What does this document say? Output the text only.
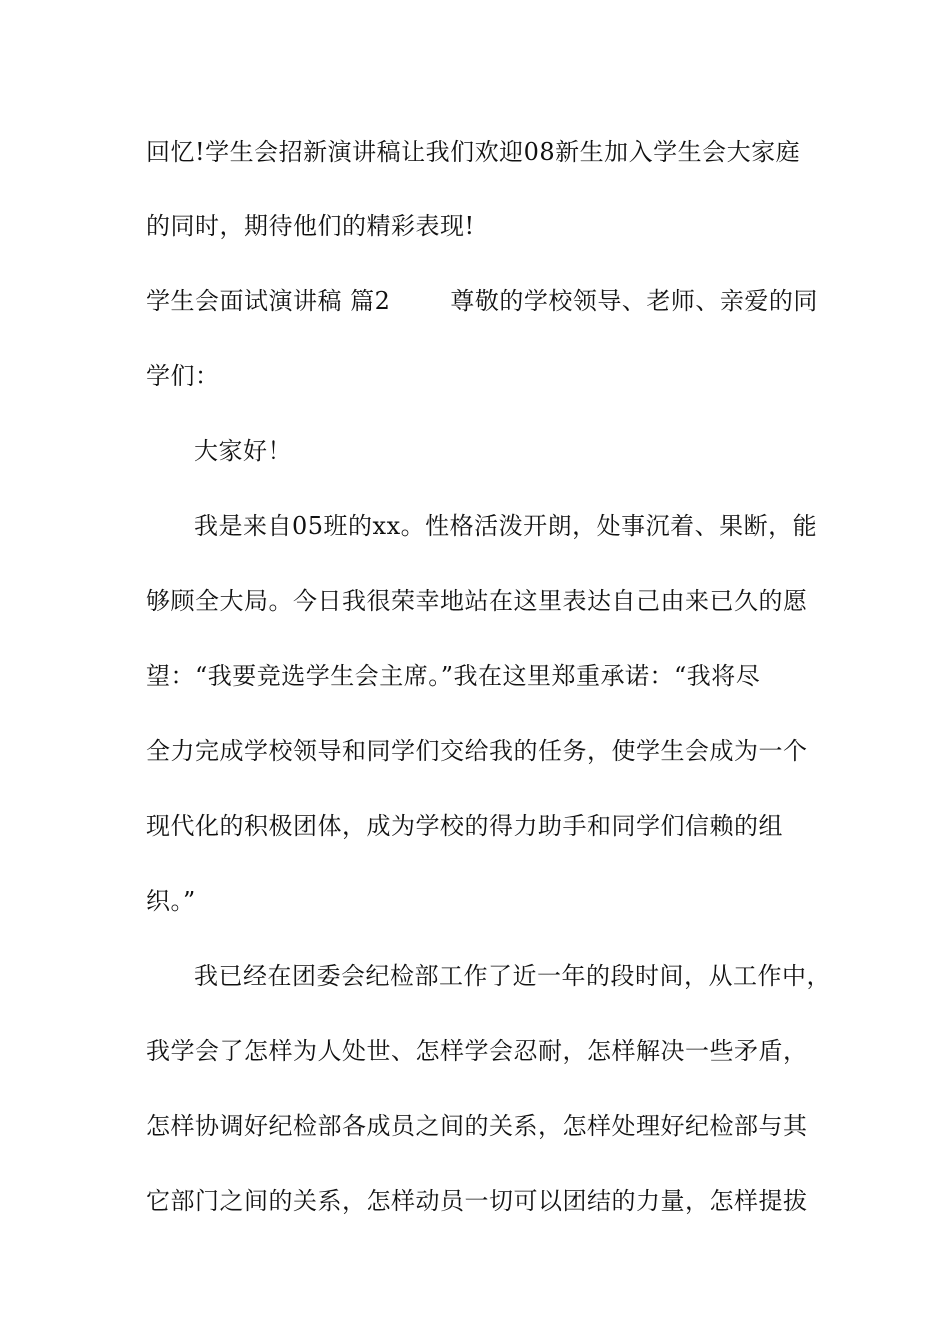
回忆!学生会招新演讲稿让我们欢迎08新生加入学生会大家庭
的同时，期待他们的精彩表现!
学生会面试演讲稿 篇2	尊敬的学校领导、老师、亲爱的同
学们：
大家好！
我是来自05班的xx。性格活泼开朗，处事沉着、果断，能
够顾全大局。今日我很荣幸地站在这里表达自己由来已久的愿
望：“我要竞选学生会主席。”我在这里郑重承诺：“我将尽
全力完成学校领导和同学们交给我的任务，使学生会成为一个
现代化的积极团体，成为学校的得力助手和同学们信赖的组
织。”
我已经在团委会纪检部工作了近一年的段时间，从工作中，
我学会了怎样为人处世、怎样学会忍耐，怎样解决一些矛盾，
怎样协调好纪检部各成员之间的关系，怎样处理好纪检部与其
它部门之间的关系，怎样动员一切可以团结的力量，怎样提拔
